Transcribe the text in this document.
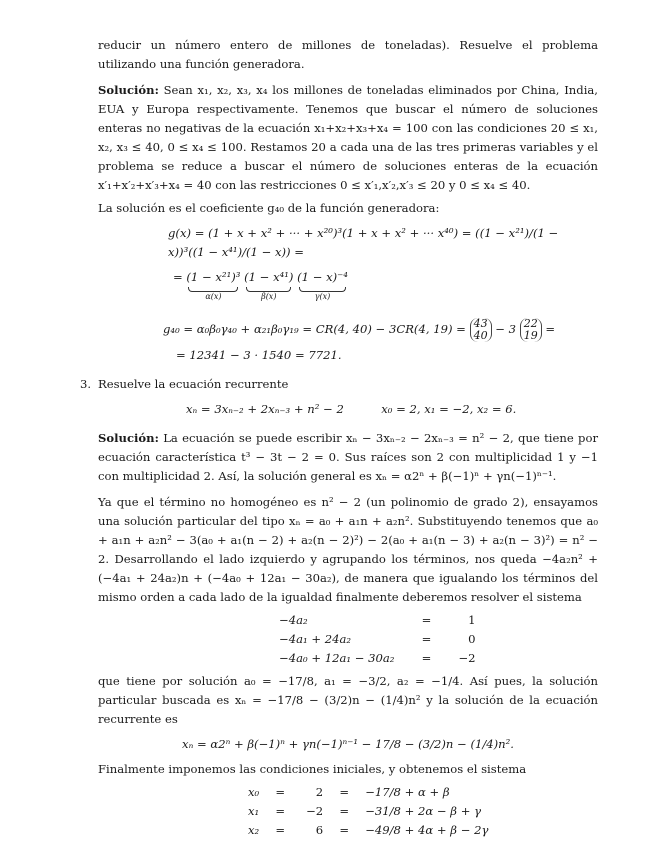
reducir un número entero de millones de toneladas). Resuelve el problema utilizando una función generadora.

Solución: Sean x₁, x₂, x₃, x₄ los millones de toneladas eliminados por China, India, EUA y Europa respectivamente. Tenemos que buscar el número de soluciones enteras no negativas de la ecuación x₁+x₂+x₃+x₄ = 100 con las condiciones 20 ≤ x₁, x₂, x₃ ≤ 40, 0 ≤ x₄ ≤ 100. Restamos 20 a cada una de las tres primeras variables y el problema se reduce a buscar el número de soluciones enteras de la ecuación x′₁+x′₂+x′₃+x₄ = 40 con las restricciones 0 ≤ x′₁,x′₂,x′₃ ≤ 20 y 0 ≤ x₄ ≤ 40.

La solución es el coeficiente g₄₀ de la función generadora:

g(x) = (1 + x + x² + ··· + x²⁰)³(1 + x + x² + ··· x⁴⁰) = ((1 − x²¹)/(1 − x))³((1 − x⁴¹)/(1 − x)) =
= (1 − x²¹)³
α(x)
(1 − x⁴¹)
β(x)
(1 − x)⁻⁴
γ(x)
g₄₀ = α₀β₀γ₄₀ + α₂₁β₀γ₁₉ = CR(4, 40) − 3CR(4, 19) = 43
40 − 3 22
19 =
= 12341 − 3 · 1540 = 7721.
3. Resuelve la ecuación recurrente

xₙ = 3xₙ₋₂ + 2xₙ₋₃ + n² − 2	x₀ = 2, x₁ = −2, x₂ = 6.

Solución: La ecuación se puede escribir xₙ − 3xₙ₋₂ − 2xₙ₋₃ = n² − 2, que tiene por ecuación característica t³ − 3t − 2 = 0. Sus raíces son 2 con multiplicidad 1 y −1 con multiplicidad 2. Así, la solución general es xₙ = α2ⁿ + β(−1)ⁿ + γn(−1)ⁿ⁻¹.

Ya que el término no homogéneo es n² − 2 (un polinomio de grado 2), ensayamos una solución particular del tipo xₙ = a₀ + a₁n + a₂n². Substituyendo tenemos que a₀ + a₁n + a₂n² − 3(a₀ + a₁(n − 2) + a₂(n − 2)²) − 2(a₀ + a₁(n − 3) + a₂(n − 3)²) = n² − 2. Desarrollando el lado izquierdo y agrupando los términos, nos queda −4a₂n² + (−4a₁ + 24a₂)n + (−4a₀ + 12a₁ − 30a₂), de manera que igualando los términos del mismo orden a cada lado de la igualdad finalmente deberemos resolver el sistema

−4a₂	=	1
−4a₁ + 24a₂	=	0
−4a₀ + 12a₁ − 30a₂	=	−2

que tiene por solución a₀ = −17/8, a₁ = −3/2, a₂ = −1/4. Así pues, la solución particular buscada es xₙ = −17/8 − (3/2)n − (1/4)n² y la solución de la ecuación recurrente es

xₙ = α2ⁿ + β(−1)ⁿ + γn(−1)ⁿ⁻¹ − 17/8 − (3/2)n − (1/4)n².

Finalmente imponemos las condiciones iniciales, y obtenemos el sistema

x₀	=	2	=	−17/8 + α + β
x₁	=	−2	=	−31/8 + 2α − β + γ
x₂	=	6	=	−49/8 + 4α + β − 2γ
